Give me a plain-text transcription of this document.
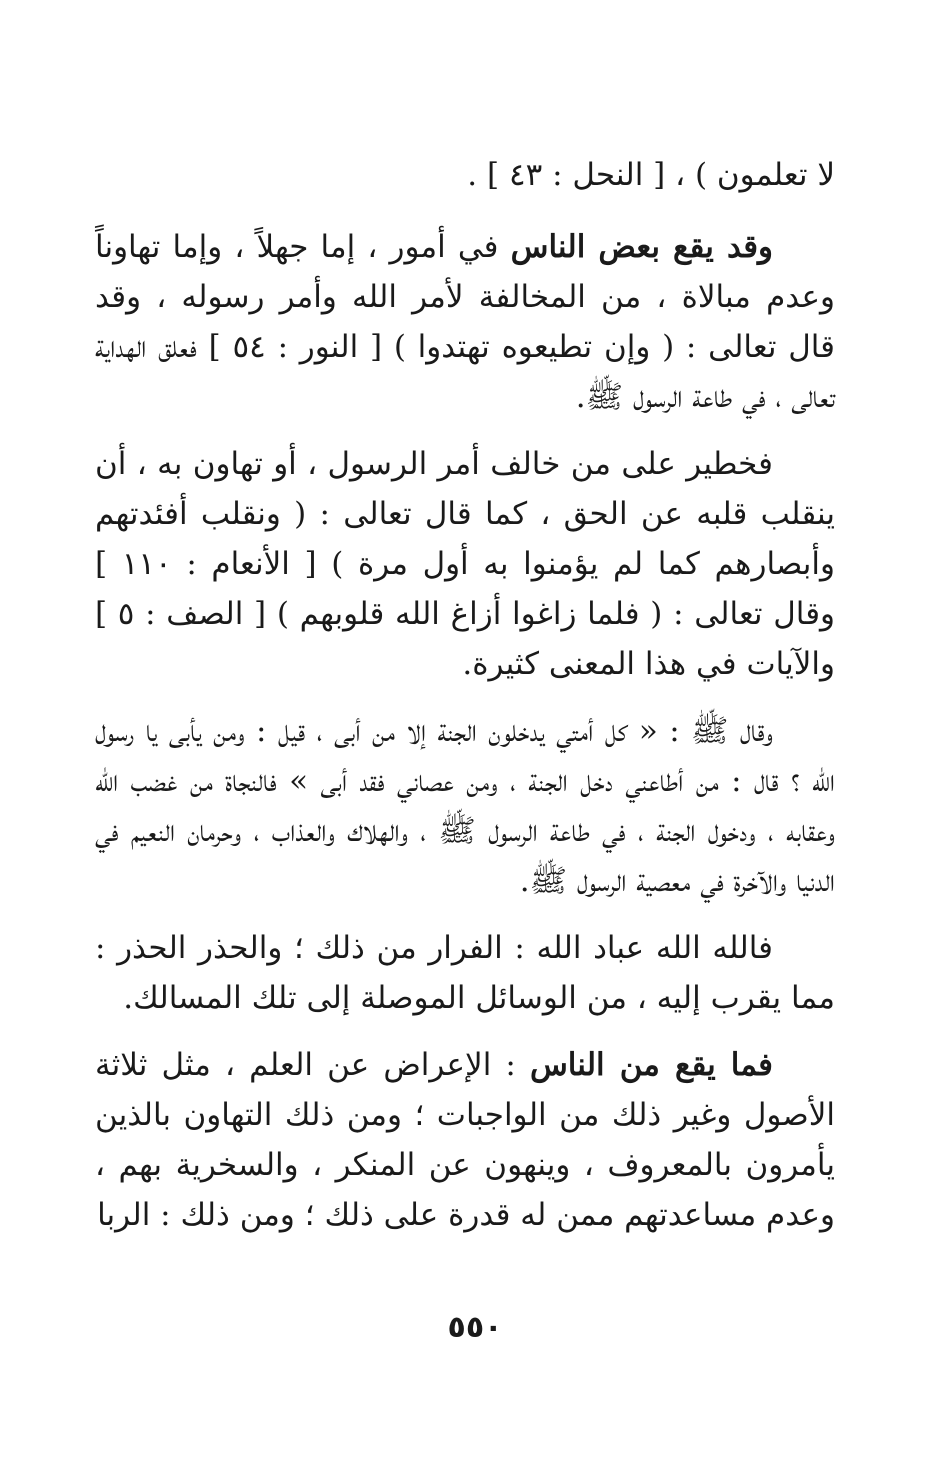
لا تعلمون ) ، [ النحل : ٤٣ ] .

وقد يقع بعض الناس في أمور ، إما جهلاً ، وإما تهاوناً وعدم مبالاة ، من المخالفة لأمر الله وأمر رسوله ، وقد قال تعالى : ( وإن تطيعوه تهتدوا ) [ النور : ٥٤ ] فعلق الهداية تعالى ، في طاعة الرسول ﷺ.

فخطير على من خالف أمر الرسول ، أو تهاون به ، أن ينقلب قلبه عن الحق ، كما قال تعالى : ( ونقلب أفئدتهم وأبصارهم كما لم يؤمنوا به أول مرة ) [ الأنعام : ١١٠ ] وقال تعالى : ( فلما زاغوا أزاغ الله قلوبهم ) [ الصف : ٥ ] والآيات في هذا المعنى كثيرة.

وقال ﷺ : « كل أمتي يدخلون الجنة إلا من أبى ، قيل : ومن يأبى يا رسول الله ؟ قال : من أطاعني دخل الجنة ، ومن عصاني فقد أبى » فالنجاة من غضب الله وعقابه ، ودخول الجنة ، في طاعة الرسول ﷺ ، والهلاك والعذاب ، وحرمان النعيم في الدنيا والآخرة في معصية الرسول ﷺ.

فالله الله عباد الله : الفرار من ذلك ؛ والحذر الحذر : مما يقرب إليه ، من الوسائل الموصلة إلى تلك المسالك.

فما يقع من الناس : الإعراض عن العلم ، مثل ثلاثة الأصول وغير ذلك من الواجبات ؛ ومن ذلك التهاون بالذين يأمرون بالمعروف ، وينهون عن المنكر ، والسخرية بهم ، وعدم مساعدتهم ممن له قدرة على ذلك ؛ ومن ذلك : الربا

٥٥٠
